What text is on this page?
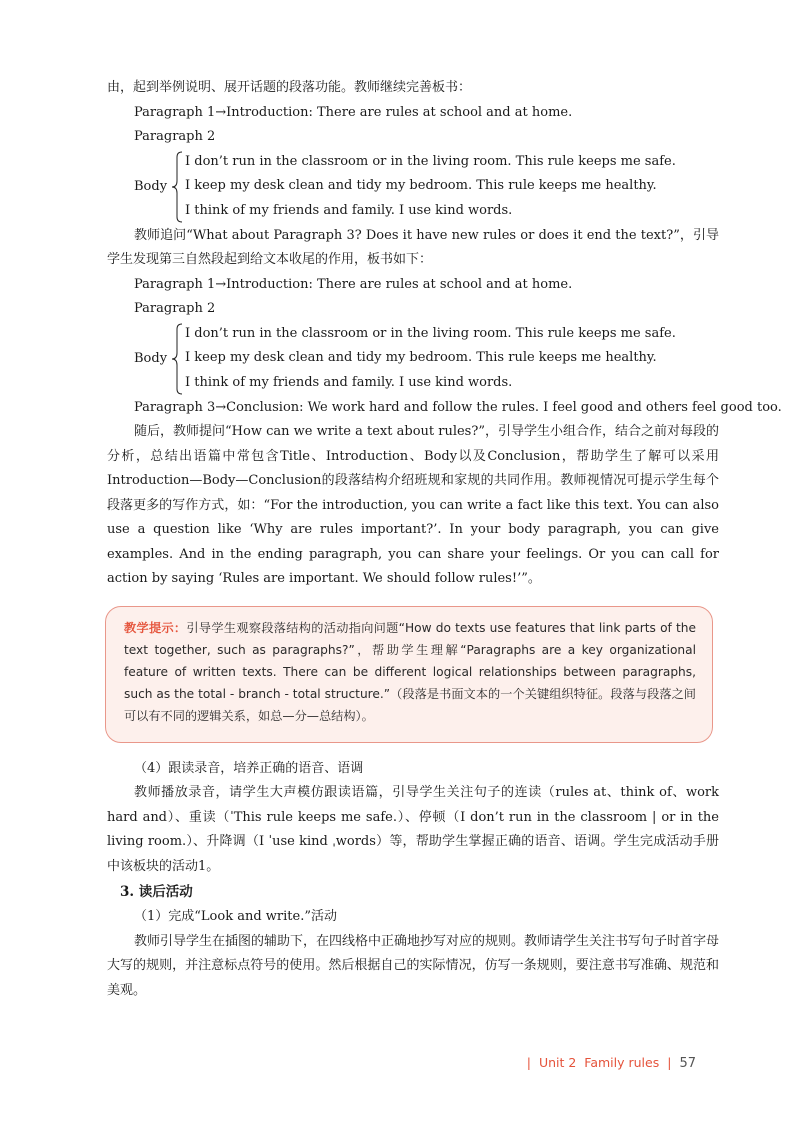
由，起到举例说明、展开话题的段落功能。教师继续完善板书：
Paragraph 1→Introduction: There are rules at school and at home.
Paragraph 2
Body
I don’t run in the classroom or in the living room. This rule keeps me safe.
I keep my desk clean and tidy my bedroom. This rule keeps me healthy.
I think of my friends and family. I use kind words.
教师追问“What about Paragraph 3? Does it have new rules or does it end the text?”，引导学生发现第三自然段起到给文本收尾的作用，板书如下：
Paragraph 1→Introduction: There are rules at school and at home.
Paragraph 2
Body
I don’t run in the classroom or in the living room. This rule keeps me safe.
I keep my desk clean and tidy my bedroom. This rule keeps me healthy.
I think of my friends and family. I use kind words.
Paragraph 3→Conclusion: We work hard and follow the rules. I feel good and others feel good too.
随后，教师提问“How can we write a text about rules?”，引导学生小组合作，结合之前对每段的分析，总结出语篇中常包含Title、Introduction、Body以及Conclusion，帮助学生了解可以采用Introduction—Body—Conclusion的段落结构介绍班规和家规的共同作用。教师视情况可提示学生每个段落更多的写作方式，如：“For the introduction, you can write a fact like this text. You can also use a question like ‘Why are rules important?’. In your body paragraph, you can give examples. And in the ending paragraph, you can share your feelings. Or you can call for action by saying ‘Rules are important. We should follow rules!’”。
教学提示：引导学生观察段落结构的活动指向问题“How do texts use features that link parts of the text together, such as paragraphs?”，帮助学生理解“Paragraphs are a key organizational feature of written texts. There can be different logical relationships between paragraphs, such as the total - branch - total structure.”（段落是书面文本的一个关键组织特征。段落与段落之间可以有不同的逻辑关系，如总—分—总结构）。
（4）跟读录音，培养正确的语音、语调
教师播放录音，请学生大声模仿跟读语篇，引导学生关注句子的连读（rules at、think of、work hard and）、重读（ˈThis rule keeps me safe.）、停顿（I don’t run in the classroom | or in the living room.）、升降调（I ˈuse kind ˌwords）等，帮助学生掌握正确的语音、语调。学生完成活动手册中该板块的活动1。
3. 读后活动
（1）完成“Look and write.”活动
教师引导学生在插图的辅助下，在四线格中正确地抄写对应的规则。教师请学生关注书写句子时首字母大写的规则，并注意标点符号的使用。然后根据自己的实际情况，仿写一条规则，要注意书写准确、规范和美观。
| Unit 2 Family rules | 57
